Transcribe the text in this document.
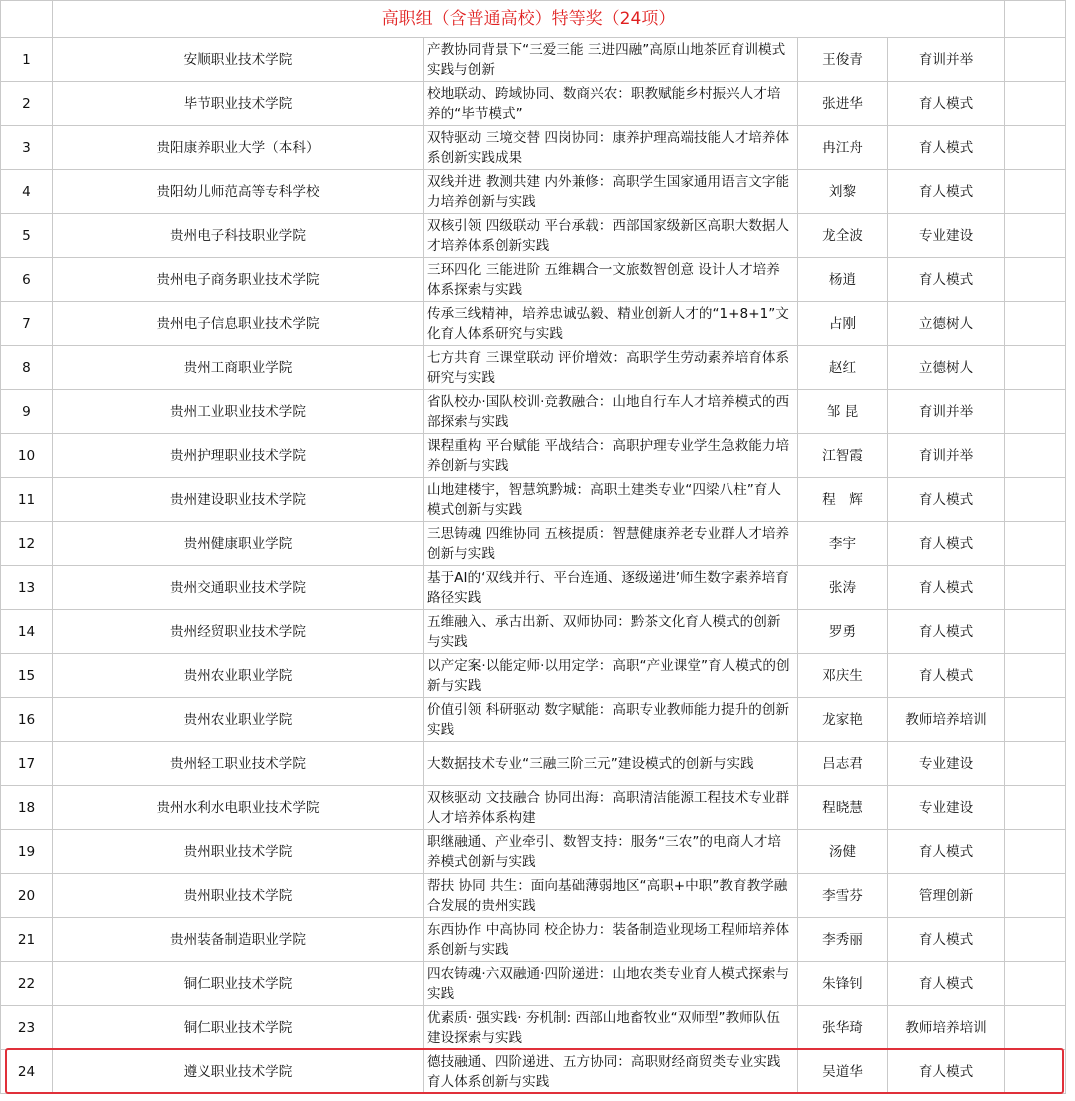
	高职组（含普通高校）特等奖（24项）				
1	安顺职业技术学院	产教协同背景下“三爱三能 三进四融”高原山地茶匠育训模式实践与创新	王俊青	育训并举	
2	毕节职业技术学院	校地联动、跨域协同、数商兴农：职教赋能乡村振兴人才培养的“毕节模式”	张进华	育人模式	
3	贵阳康养职业大学（本科）	双特驱动 三境交替 四岗协同：康养护理高端技能人才培养体系创新实践成果	冉江舟	育人模式	
4	贵阳幼儿师范高等专科学校	双线并进 教测共建 内外兼修：高职学生国家通用语言文字能力培养创新与实践	刘黎	育人模式	
5	贵州电子科技职业学院	双核引领 四级联动 平台承载：西部国家级新区高职大数据人才培养体系创新实践	龙全波	专业建设	
6	贵州电子商务职业技术学院	三环四化 三能进阶 五维耦合一文旅数智创意 设计人才培养体系探索与实践	杨逍	育人模式	
7	贵州电子信息职业技术学院	传承三线精神，培养忠诚弘毅、精业创新人才的“1+8+1”文化育人体系研究与实践	占刚	立德树人	
8	贵州工商职业学院	七方共育 三课堂联动 评价增效：高职学生劳动素养培育体系研究与实践	赵红	立德树人	
9	贵州工业职业技术学院	省队校办·国队校训·竞教融合：山地自行车人才培养模式的西部探索与实践	邹 昆	育训并举	
10	贵州护理职业技术学院	课程重构 平台赋能 平战结合：高职护理专业学生急救能力培养创新与实践	江智霞	育训并举	
11	贵州建设职业技术学院	山地建楼宇，智慧筑黔城：高职土建类专业“四梁八柱”育人模式创新与实践	程　辉	育人模式	
12	贵州健康职业学院	三思铸魂 四维协同 五核提质：智慧健康养老专业群人才培养创新与实践	李宇	育人模式	
13	贵州交通职业技术学院	基于AI的‘双线并行、平台连通、逐级递进’师生数字素养培育路径实践	张涛	育人模式	
14	贵州经贸职业技术学院	五维融入、承古出新、双师协同：黔茶文化育人模式的创新与实践	罗勇	育人模式	
15	贵州农业职业学院	以产定案·以能定师·以用定学：高职“产业课堂”育人模式的创新与实践	邓庆生	育人模式	
16	贵州农业职业学院	价值引领 科研驱动 数字赋能：高职专业教师能力提升的创新实践	龙家艳	教师培养培训	
17	贵州轻工职业技术学院	大数据技术专业“三融三阶三元”建设模式的创新与实践	吕志君	专业建设	
18	贵州水利水电职业技术学院	双核驱动 文技融合 协同出海：高职清洁能源工程技术专业群人才培养体系构建	程晓慧	专业建设	
19	贵州职业技术学院	职继融通、产业牵引、数智支持：服务“三农”的电商人才培养模式创新与实践	汤健	育人模式	
20	贵州职业技术学院	帮扶 协同 共生：面向基础薄弱地区“高职+中职”教育教学融合发展的贵州实践	李雪芬	管理创新	
21	贵州装备制造职业学院	东西协作 中高协同 校企协力：装备制造业现场工程师培养体系创新与实践	李秀丽	育人模式	
22	铜仁职业技术学院	四农铸魂·六双融通·四阶递进：山地农类专业育人模式探索与实践	朱锋钊	育人模式	
23	铜仁职业技术学院	优素质· 强实践· 夯机制: 西部山地畜牧业“双师型”教师队伍建设探索与实践	张华琦	教师培养培训	
24	遵义职业技术学院	德技融通、四阶递进、五方协同：高职财经商贸类专业实践育人体系创新与实践	吴道华	育人模式	
